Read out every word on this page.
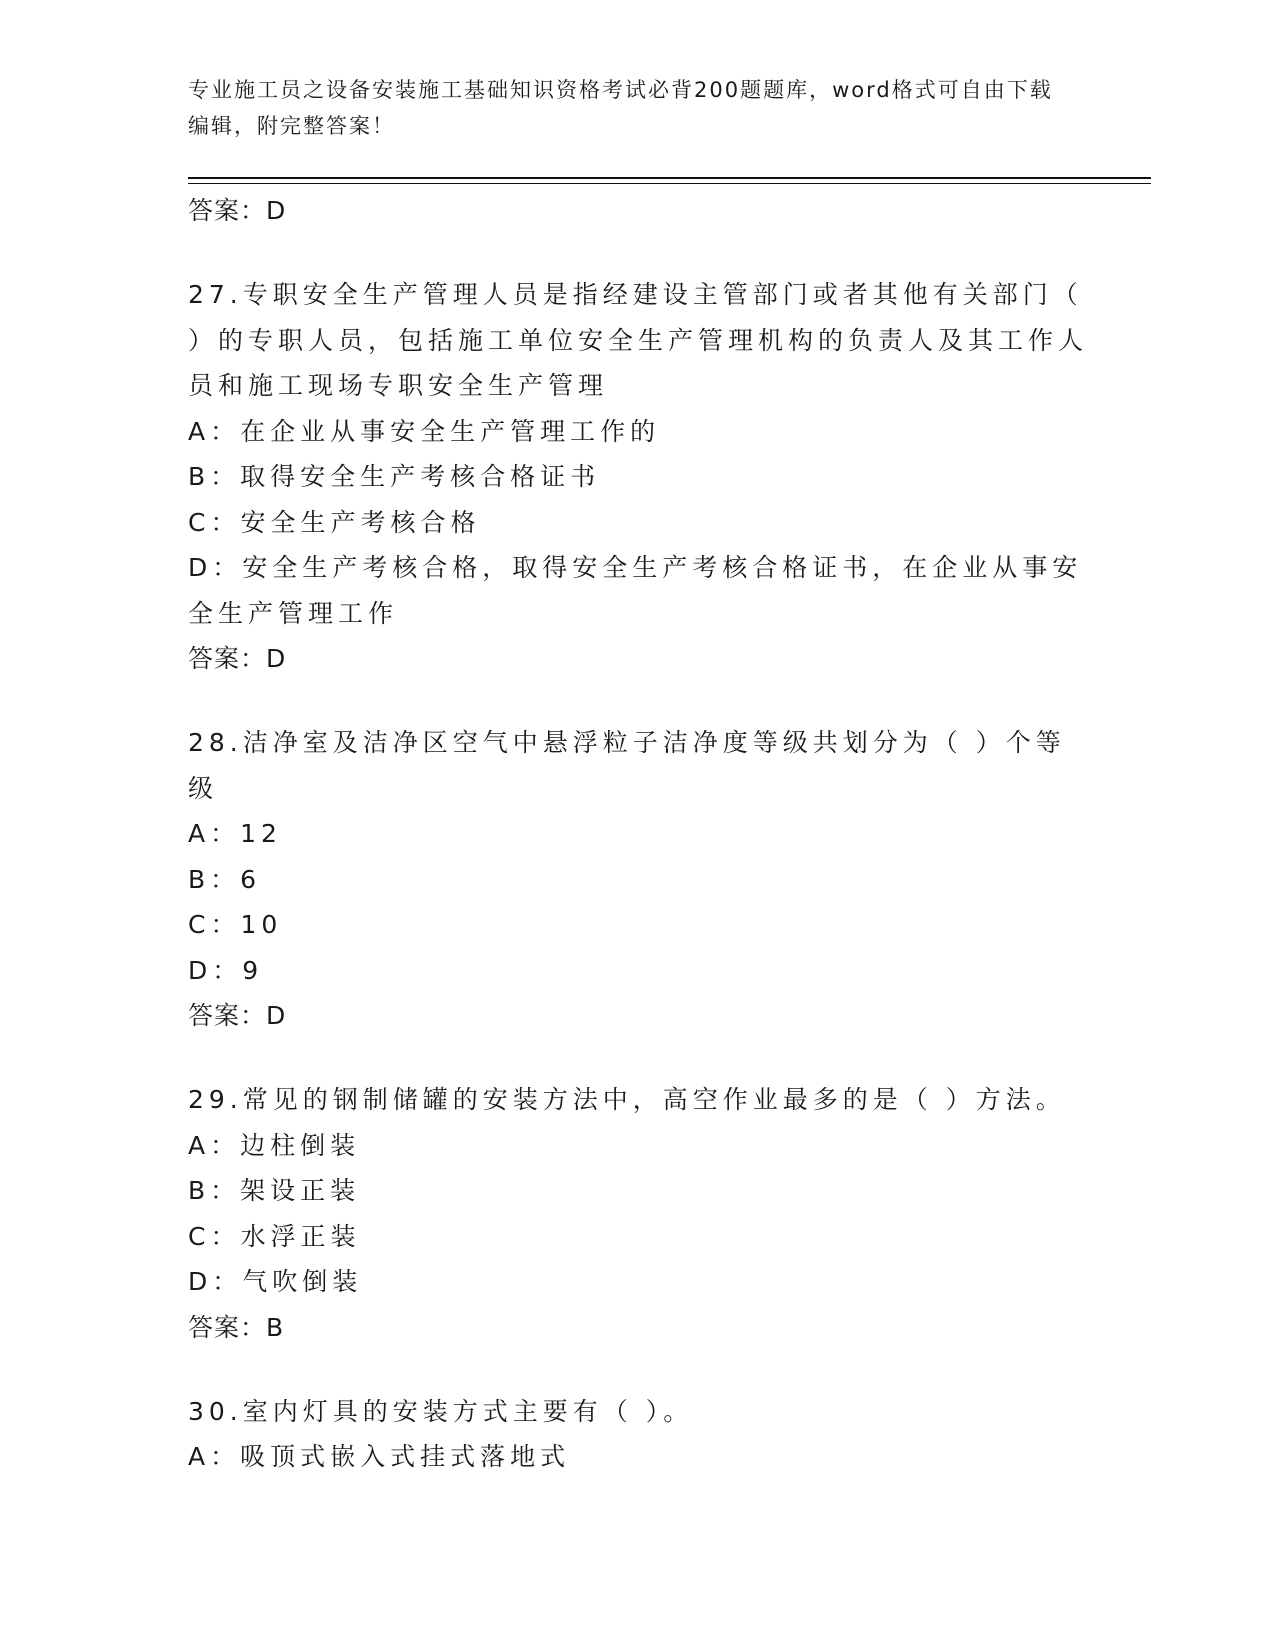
专业施工员之设备安装施工基础知识资格考试必背200题题库，word格式可自由下载编辑，附完整答案！
答案：D
27.专职安全生产管理人员是指经建设主管部门或者其他有关部门（ ）的专职人员，包括施工单位安全生产管理机构的负责人及其工作人员和施工现场专职安全生产管理
A：在企业从事安全生产管理工作的
B：取得安全生产考核合格证书
C：安全生产考核合格
D：安全生产考核合格，取得安全生产考核合格证书，在企业从事安全生产管理工作
答案：D
28.洁净室及洁净区空气中悬浮粒子洁净度等级共划分为（ ）个等级
A：12
B：6
C：10
D：9
答案：D
29.常见的钢制储罐的安装方法中，高空作业最多的是（ ）方法。
A：边柱倒装
B：架设正装
C：水浮正装
D：气吹倒装
答案：B
30.室内灯具的安装方式主要有（ ）。
A：吸顶式嵌入式挂式落地式
